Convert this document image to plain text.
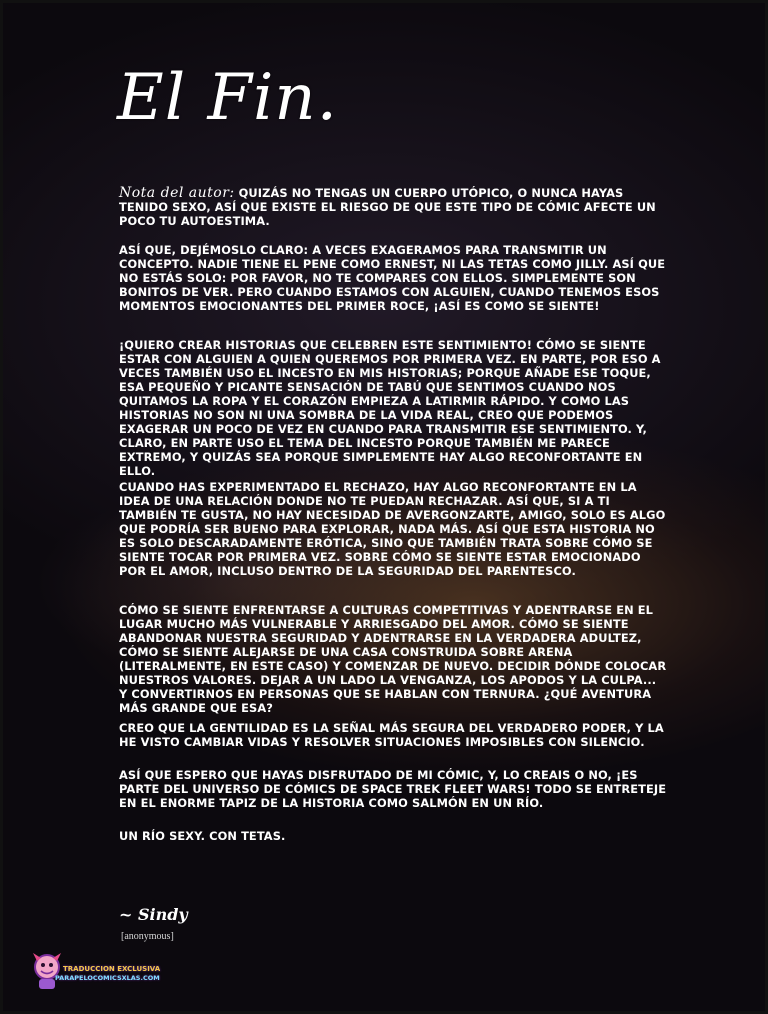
El Fin.

Nota del autor: QUIZÁS NO TENGAS UN CUERPO UTÓPICO, O NUNCA HAYAS TENIDO SEXO, ASÍ QUE EXISTE EL RIESGO DE QUE ESTE TIPO DE CÓMIC AFECTE UN POCO TU AUTOESTIMA.

ASÍ QUE, DEJÉMOSLO CLARO: A VECES EXAGERAMOS PARA TRANSMITIR UN CONCEPTO. NADIE TIENE EL PENE COMO ERNEST, NI LAS TETAS COMO JILLY. ASÍ QUE NO ESTÁS SOLO: POR FAVOR, NO TE COMPARES CON ELLOS. SIMPLEMENTE SON BONITOS DE VER. PERO CUANDO ESTAMOS CON ALGUIEN, CUANDO TENEMOS ESOS MOMENTOS EMOCIONANTES DEL PRIMER ROCE, ¡ASÍ ES COMO SE SIENTE!

¡QUIERO CREAR HISTORIAS QUE CELEBREN ESTE SENTIMIENTO! CÓMO SE SIENTE ESTAR CON ALGUIEN A QUIEN QUEREMOS POR PRIMERA VEZ. EN PARTE, POR ESO A VECES TAMBIÉN USO EL INCESTO EN MIS HISTORIAS; PORQUE AÑADE ESE TOQUE, ESA PEQUEÑO Y PICANTE SENSACIÓN DE TABÚ QUE SENTIMOS CUANDO NOS QUITAMOS LA ROPA Y EL CORAZÓN EMPIEZA A LATIRMIR RÁPIDO. Y COMO LAS HISTORIAS NO SON NI UNA SOMBRA DE LA VIDA REAL, CREO QUE PODEMOS EXAGERAR UN POCO DE VEZ EN CUANDO PARA TRANSMITIR ESE SENTIMIENTO. Y, CLARO, EN PARTE USO EL TEMA DEL INCESTO PORQUE TAMBIÉN ME PARECE EXTREMO, Y QUIZÁS SEA PORQUE SIMPLEMENTE HAY ALGO RECONFORTANTE EN ELLO.

CUANDO HAS EXPERIMENTADO EL RECHAZO, HAY ALGO RECONFORTANTE EN LA IDEA DE UNA RELACIÓN DONDE NO TE PUEDAN RECHAZAR. ASÍ QUE, SI A TI TAMBIÉN TE GUSTA, NO HAY NECESIDAD DE AVERGONZARTE, AMIGO, SOLO ES ALGO QUE PODRÍA SER BUENO PARA EXPLORAR, NADA MÁS. ASÍ QUE ESTA HISTORIA NO ES SOLO DESCARADAMENTE ERÓTICA, SINO QUE TAMBIÉN TRATA SOBRE CÓMO SE SIENTE TOCAR POR PRIMERA VEZ. SOBRE CÓMO SE SIENTE ESTAR EMOCIONADO POR EL AMOR, INCLUSO DENTRO DE LA SEGURIDAD DEL PARENTESCO.

CÓMO SE SIENTE ENFRENTARSE A CULTURAS COMPETITIVAS Y ADENTRARSE EN EL LUGAR MUCHO MÁS VULNERABLE Y ARRIESGADO DEL AMOR. CÓMO SE SIENTE ABANDONAR NUESTRA SEGURIDAD Y ADENTRARSE EN LA VERDADERA ADULTEZ, CÓMO SE SIENTE ALEJARSE DE UNA CASA CONSTRUIDA SOBRE ARENA (LITERALMENTE, EN ESTE CASO) Y COMENZAR DE NUEVO. DECIDIR DÓNDE COLOCAR NUESTROS VALORES. DEJAR A UN LADO LA VENGANZA, LOS APODOS Y LA CULPA... Y CONVERTIRNOS EN PERSONAS QUE SE HABLAN CON TERNURA. ¿QUÉ AVENTURA MÁS GRANDE QUE ESA?

CREO QUE LA GENTILIDAD ES LA SEÑAL MÁS SEGURA DEL VERDADERO PODER, Y LA HE VISTO CAMBIAR VIDAS Y RESOLVER SITUACIONES IMPOSIBLES CON SILENCIO.

ASÍ QUE ESPERO QUE HAYAS DISFRUTADO DE MI CÓMIC, Y, LO CREAIS O NO, ¡ES PARTE DEL UNIVERSO DE CÓMICS DE SPACE TREK FLEET WARS! TODO SE ENTRETEJE EN EL ENORME TAPIZ DE LA HISTORIA COMO SALMÓN EN UN RÍO.

UN RÍO SEXY. CON TETAS.

~ Sindy

[anonymous]

TRADUCCION EXCLUSIVA

PARAPELOCOMICSXLAS.COM
